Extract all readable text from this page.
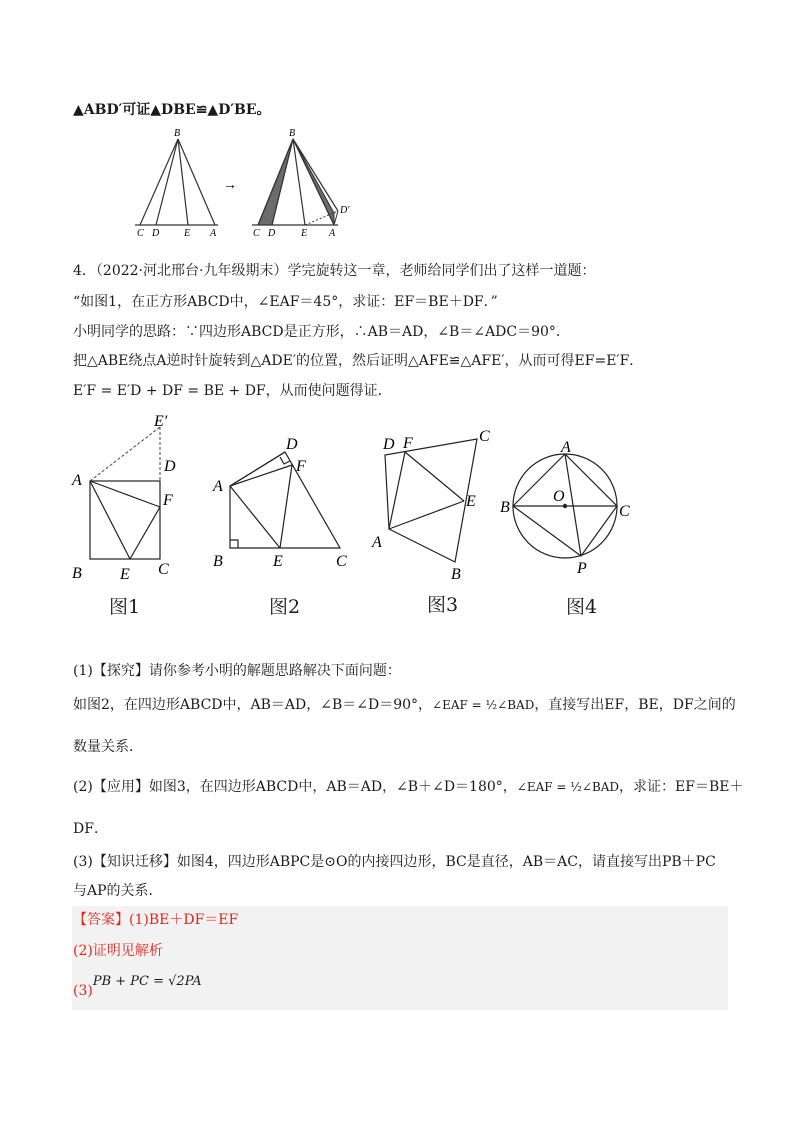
▲ABD′可证▲DBE≌▲D′BE。
B
C D E A
→
B
C D	E A
D′
4．（2022·河北邢台·九年级期末）学完旋转这一章，老师给同学们出了这样一道题：
“如图1，在正方形ABCD中，∠EAF＝45°，求证：EF＝BE＋DF．”
小明同学的思路：∵四边形ABCD是正方形，∴AB＝AD，∠B＝∠ADC＝90°．
把△ABE绕点A逆时针旋转到△ADE′的位置，然后证明△AFE≌△AFE′，从而可得EF=E′F．
E′F = E′D + DF = BE + DF，从而使问题得证．
E′
A
D
F
B E C
图1
D
F
A
B	E	C
图2
D F	C
E
A
B
图3
A
B
O
C
P
图4
(1)【探究】请你参考小明的解题思路解决下面问题：
如图2，在四边形ABCD中，AB＝AD，∠B＝∠D＝90°，∠EAF = ½∠BAD，直接写出EF，BE，DF之间的
数量关系．
(2)【应用】如图3，在四边形ABCD中，AB＝AD，∠B＋∠D＝180°，∠EAF = ½∠BAD，求证：EF＝BE＋
DF．
(3)【知识迁移】如图4，四边形ABPC是⊙O的内接四边形，BC是直径，AB＝AC，请直接写出PB＋PC
与AP的关系．
【答案】(1)BE＋DF＝EF
(2)证明见解析
(3)PB + PC = √2PA
